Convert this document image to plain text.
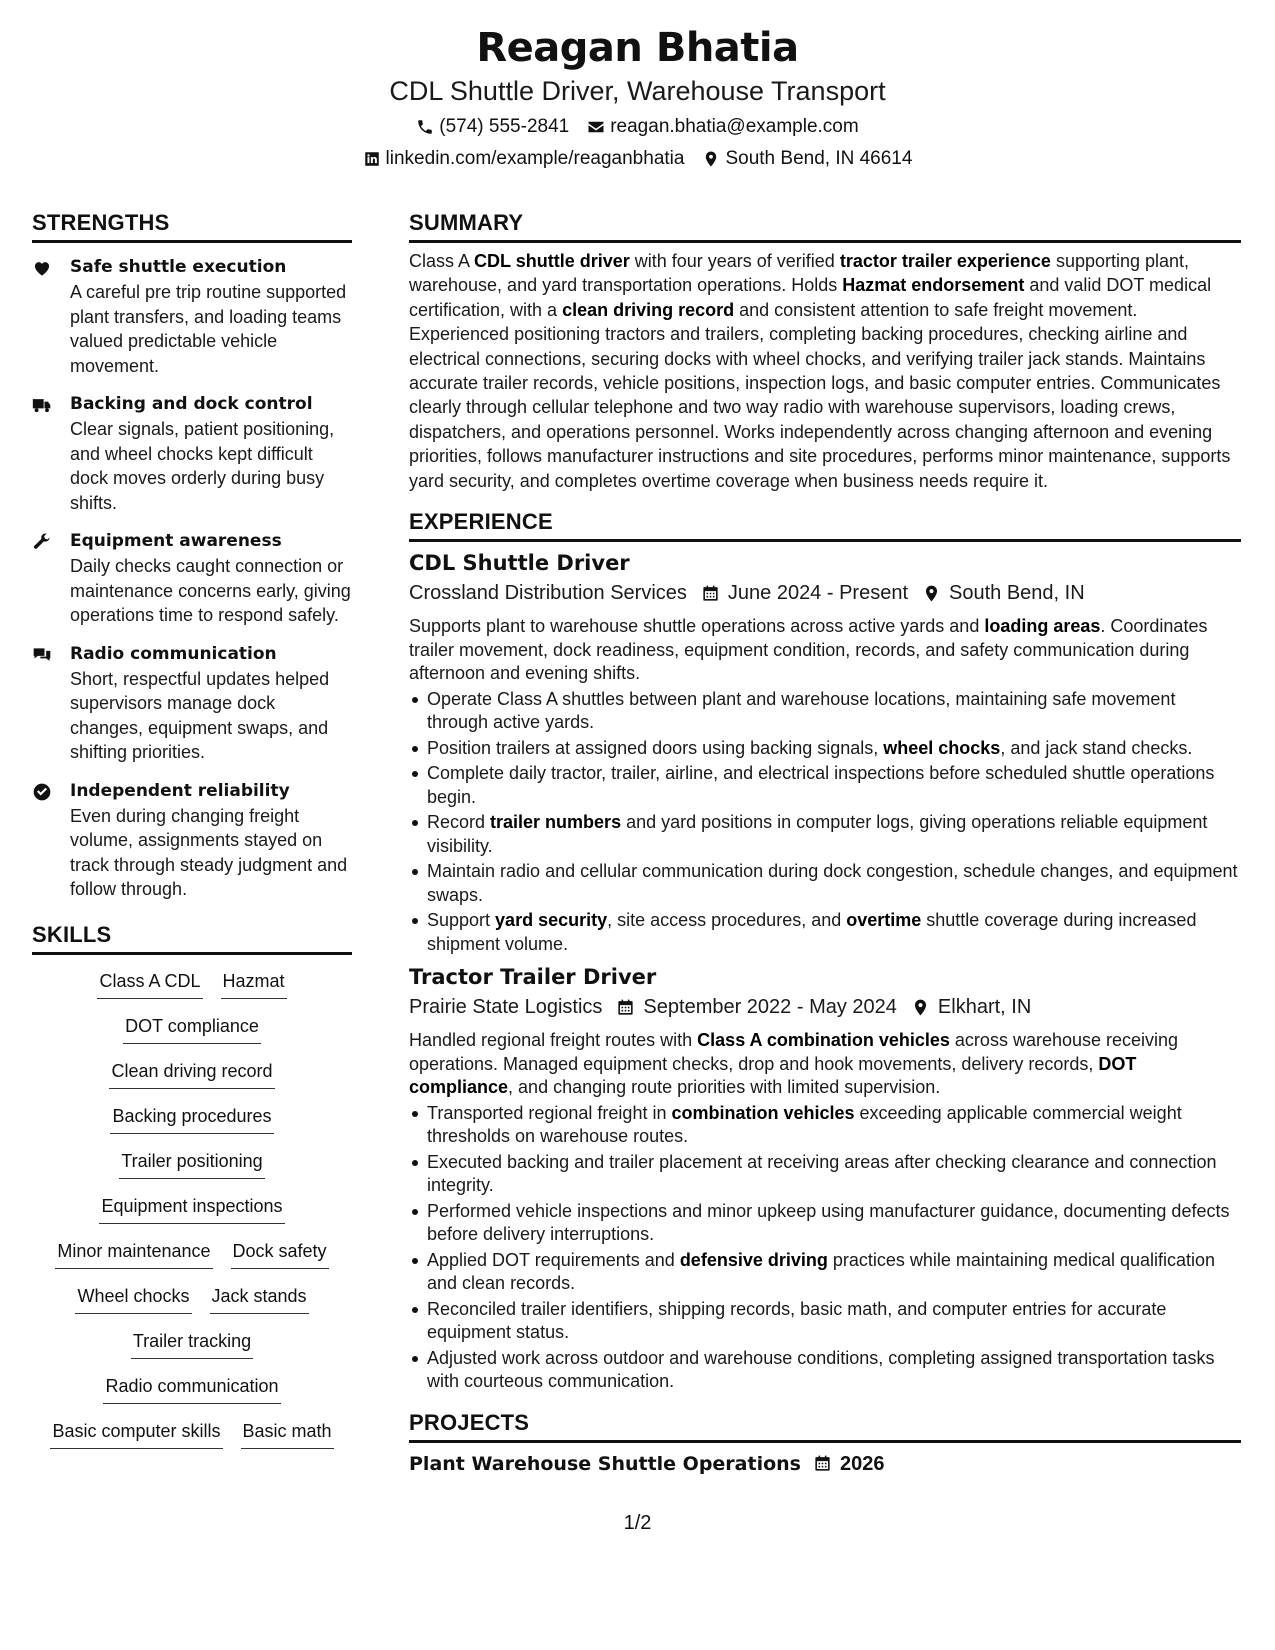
Reagan Bhatia
CDL Shuttle Driver, Warehouse Transport
(574) 555-2841 reagan.bhatia@example.com
linkedin.com/example/reaganbhatia South Bend, IN 46614
STRENGTHS
Safe shuttle execution
A careful pre trip routine supported plant transfers, and loading teams valued predictable vehicle movement.
Backing and dock control
Clear signals, patient positioning, and wheel chocks kept difficult dock moves orderly during busy shifts.
Equipment awareness
Daily checks caught connection or maintenance concerns early, giving operations time to respond safely.
Radio communication
Short, respectful updates helped supervisors manage dock changes, equipment swaps, and shifting priorities.
Independent reliability
Even during changing freight volume, assignments stayed on track through steady judgment and follow through.
SKILLS
Class A CDL Hazmat
DOT compliance
Clean driving record
Backing procedures
Trailer positioning
Equipment inspections
Minor maintenance Dock safety
Wheel chocks Jack stands
Trailer tracking
Radio communication
Basic computer skills Basic math
SUMMARY

Class A CDL shuttle driver with four years of verified tractor trailer experience supporting plant, warehouse, and yard transportation operations. Holds Hazmat endorsement and valid DOT medical certification, with a clean driving record and consistent attention to safe freight movement. Experienced positioning tractors and trailers, completing backing procedures, checking airline and electrical connections, securing docks with wheel chocks, and verifying trailer jack stands. Maintains accurate trailer records, vehicle positions, inspection logs, and basic computer entries. Communicates clearly through cellular telephone and two way radio with warehouse supervisors, loading crews, dispatchers, and operations personnel. Works independently across changing afternoon and evening priorities, follows manufacturer instructions and site procedures, performs minor maintenance, supports yard security, and completes overtime coverage when business needs require it.

EXPERIENCE
CDL Shuttle Driver
Crossland Distribution Services June 2024 - Present South Bend, IN

Supports plant to warehouse shuttle operations across active yards and loading areas. Coordinates trailer movement, dock readiness, equipment condition, records, and safety communication during afternoon and evening shifts.

Operate Class A shuttles between plant and warehouse locations, maintaining safe movement through active yards.
Position trailers at assigned doors using backing signals, wheel chocks, and jack stand checks.
Complete daily tractor, trailer, airline, and electrical inspections before scheduled shuttle operations begin.
Record trailer numbers and yard positions in computer logs, giving operations reliable equipment visibility.
Maintain radio and cellular communication during dock congestion, schedule changes, and equipment swaps.
Support yard security, site access procedures, and overtime shuttle coverage during increased shipment volume.
Tractor Trailer Driver
Prairie State Logistics September 2022 - May 2024 Elkhart, IN

Handled regional freight routes with Class A combination vehicles across warehouse receiving operations. Managed equipment checks, drop and hook movements, delivery records, DOT compliance, and changing route priorities with limited supervision.

Transported regional freight in combination vehicles exceeding applicable commercial weight thresholds on warehouse routes.
Executed backing and trailer placement at receiving areas after checking clearance and connection integrity.
Performed vehicle inspections and minor upkeep using manufacturer guidance, documenting defects before delivery interruptions.
Applied DOT requirements and defensive driving practices while maintaining medical qualification and clean records.
Reconciled trailer identifiers, shipping records, basic math, and computer entries for accurate equipment status.
Adjusted work across outdoor and warehouse conditions, completing assigned transportation tasks with courteous communication.
PROJECTS
Plant Warehouse Shuttle Operations 2026
1/2
